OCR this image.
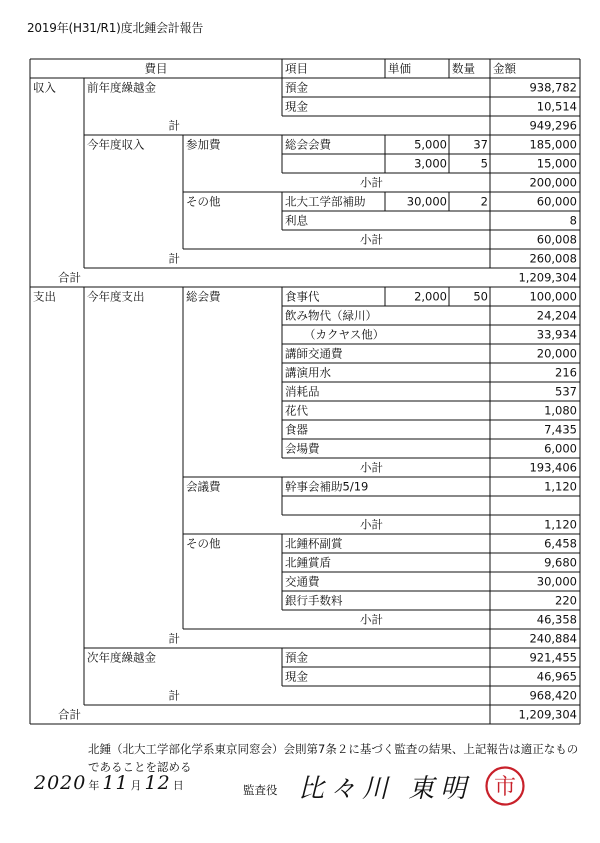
2019年(H31/R1)度北鍾会計報告
費目	項目	単価	数量 金額
収入	前年度繰越金	預金	938,782
現金	10,514
計	949,296
今年度収入	参加費	総会会費	5,000 37	185,000
3,000	5	15,000
小計	200,000
その他	北大工学部補助	30,000	2	60,000
利息	8
小計	60,008
計	260,008
合計	1,209,304
支出	今年度支出	総会費	食事代	2,000 50	100,000
飲み物代（緑川）	24,204
（カクヤス他）	33,934
講師交通費	20,000
講演用水	216
消耗品	537
花代	1,080
食器	7,435
会場費	6,000
小計	193,406
会議費	幹事会補助5/19	1,120
小計	1,120
その他	北鍾杯副賞	6,458
北鍾賞盾	9,680
交通費	30,000
銀行手数料	220
小計	46,358
計	240,884
次年度繰越金	預金	921,455
現金	46,965
計	968,420
合計	1,209,304
北鍾（北大工学部化学系東京同窓会）会則第7条２に基づく監査の結果、上記報告は適正なもの
であることを認める
2020 年 11 月 12 日	監査役 比々川 東明 市
